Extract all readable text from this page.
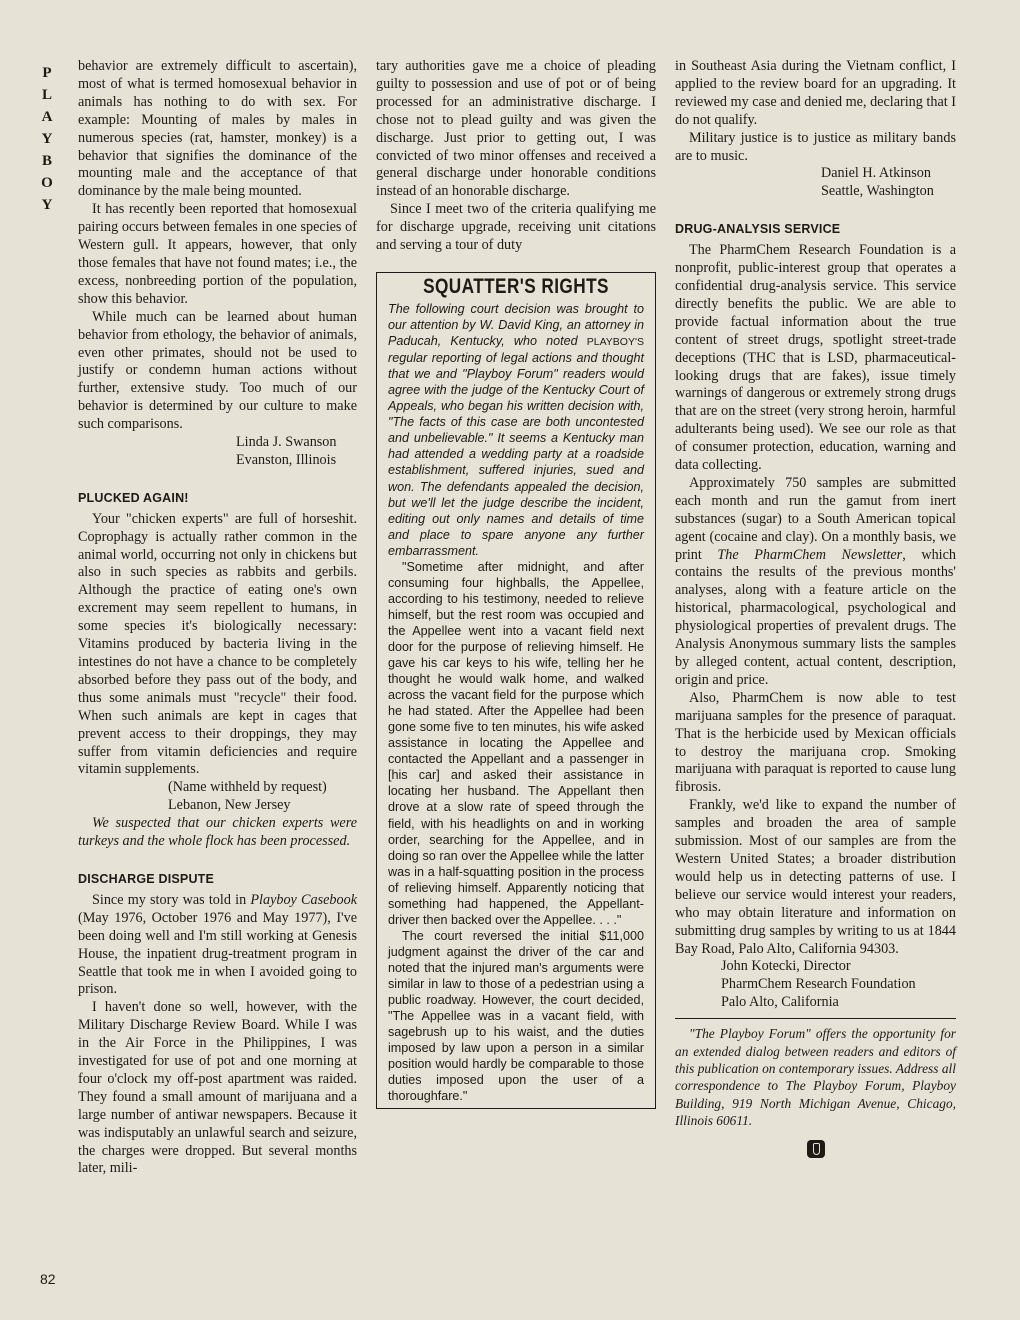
P
L
A
Y
B
O
Y
82

behavior are extremely difficult to ascertain), most of what is termed homosexual behavior in animals has nothing to do with sex. For example: Mounting of males by males in numerous species (rat, hamster, monkey) is a behavior that signifies the dominance of the mounting male and the acceptance of that dominance by the male being mounted.

It has recently been reported that homosexual pairing occurs between females in one species of Western gull. It appears, however, that only those females that have not found mates; i.e., the excess, nonbreeding portion of the population, show this behavior.

While much can be learned about human behavior from ethology, the behavior of animals, even other primates, should not be used to justify or condemn human actions without further, extensive study. Too much of our behavior is determined by our culture to make such comparisons.

Linda J. Swanson

Evanston, Illinois

PLUCKED AGAIN!

Your "chicken experts" are full of horseshit. Coprophagy is actually rather common in the animal world, occurring not only in chickens but also in such species as rabbits and gerbils. Although the practice of eating one's own excrement may seem repellent to humans, in some species it's biologically necessary: Vitamins produced by bacteria living in the intestines do not have a chance to be completely absorbed before they pass out of the body, and thus some animals must "recycle" their food. When such animals are kept in cages that prevent access to their droppings, they may suffer from vitamin deficiencies and require vitamin supplements.

(Name withheld by request)

Lebanon, New Jersey

We suspected that our chicken experts were turkeys and the whole flock has been processed.

DISCHARGE DISPUTE

Since my story was told in Playboy Casebook (May 1976, October 1976 and May 1977), I've been doing well and I'm still working at Genesis House, the inpatient drug-treatment program in Seattle that took me in when I avoided going to prison.

I haven't done so well, however, with the Military Discharge Review Board. While I was in the Air Force in the Philippines, I was investigated for use of pot and one morning at four o'clock my off-post apartment was raided. They found a small amount of marijuana and a large number of antiwar newspapers. Because it was indisputably an unlawful search and seizure, the charges were dropped. But several months later, mili-

tary authorities gave me a choice of pleading guilty to possession and use of pot or of being processed for an administrative discharge. I chose not to plead guilty and was given the discharge. Just prior to getting out, I was convicted of two minor offenses and received a general discharge under honorable conditions instead of an honorable discharge.

Since I meet two of the criteria qualifying me for discharge upgrade, receiving unit citations and serving a tour of duty

SQUATTER'S RIGHTS

The following court decision was brought to our attention by W. David King, an attorney in Paducah, Kentucky, who noted PLAYBOY'S regular reporting of legal actions and thought that we and "Playboy Forum" readers would agree with the judge of the Kentucky Court of Appeals, who began his written decision with, "The facts of this case are both uncontested and unbelievable." It seems a Kentucky man had attended a wedding party at a roadside establishment, suffered injuries, sued and won. The defendants appealed the decision, but we'll let the judge describe the incident, editing out only names and details of time and place to spare anyone any further embarrassment.

"Sometime after midnight, and after consuming four highballs, the Appellee, according to his testimony, needed to relieve himself, but the rest room was occupied and the Appellee went into a vacant field next door for the purpose of relieving himself. He gave his car keys to his wife, telling her he thought he would walk home, and walked across the vacant field for the purpose which he had stated. After the Appellee had been gone some five to ten minutes, his wife asked assistance in locating the Appellee and contacted the Appellant and a passenger in [his car] and asked their assistance in locating her husband. The Appellant then drove at a slow rate of speed through the field, with his headlights on and in working order, searching for the Appellee, and in doing so ran over the Appellee while the latter was in a half-squatting position in the process of relieving himself. Apparently noticing that something had happened, the Appellant-driver then backed over the Appellee. . . ."

The court reversed the initial $11,000 judgment against the driver of the car and noted that the injured man's arguments were similar in law to those of a pedestrian using a public roadway. However, the court decided, "The Appellee was in a vacant field, with sagebrush up to his waist, and the duties imposed by law upon a person in a similar position would hardly be comparable to those duties imposed upon the user of a thoroughfare."

in Southeast Asia during the Vietnam conflict, I applied to the review board for an upgrading. It reviewed my case and denied me, declaring that I do not qualify.

Military justice is to justice as military bands are to music.

Daniel H. Atkinson

Seattle, Washington

DRUG-ANALYSIS SERVICE

The PharmChem Research Foundation is a nonprofit, public-interest group that operates a confidential drug-analysis service. This service directly benefits the public. We are able to provide factual information about the true content of street drugs, spotlight street-trade deceptions (THC that is LSD, pharmaceutical-looking drugs that are fakes), issue timely warnings of dangerous or extremely strong drugs that are on the street (very strong heroin, harmful adulterants being used). We see our role as that of consumer protection, education, warning and data collecting.

Approximately 750 samples are submitted each month and run the gamut from inert substances (sugar) to a South American topical agent (cocaine and clay). On a monthly basis, we print The PharmChem Newsletter, which contains the results of the previous months' analyses, along with a feature article on the historical, pharmacological, psychological and physiological properties of prevalent drugs. The Analysis Anonymous summary lists the samples by alleged content, actual content, description, origin and price.

Also, PharmChem is now able to test marijuana samples for the presence of paraquat. That is the herbicide used by Mexican officials to destroy the marijuana crop. Smoking marijuana with paraquat is reported to cause lung fibrosis.

Frankly, we'd like to expand the number of samples and broaden the area of sample submission. Most of our samples are from the Western United States; a broader distribution would help us in detecting patterns of use. I believe our service would interest your readers, who may obtain literature and information on submitting drug samples by writing to us at 1844 Bay Road, Palo Alto, California 94303.

John Kotecki, Director

PharmChem Research Foundation

Palo Alto, California

"The Playboy Forum" offers the opportunity for an extended dialog between readers and editors of this publication on contemporary issues. Address all correspondence to The Playboy Forum, Playboy Building, 919 North Michigan Avenue, Chicago, Illinois 60611.
